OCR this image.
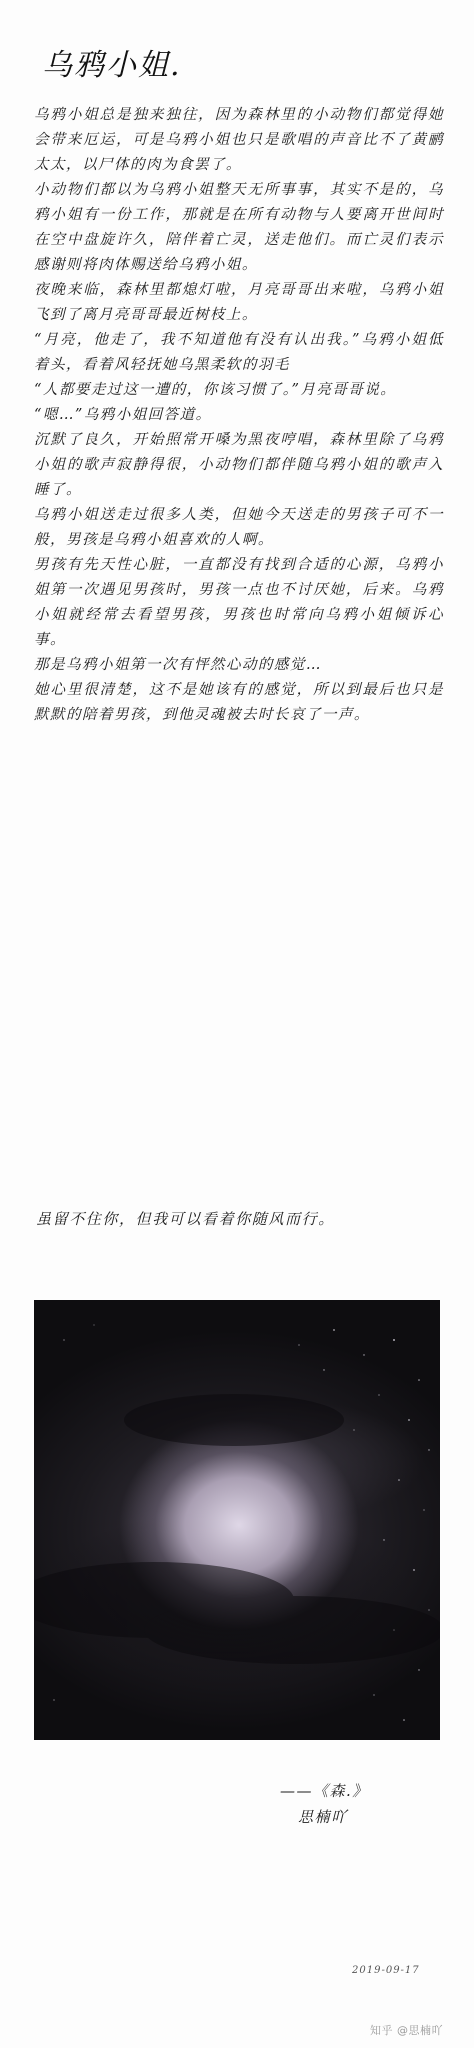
乌鸦小姐.

乌鸦小姐总是独来独往，因为森林里的小动物们都觉得她会带来厄运，可是乌鸦小姐也只是歌唱的声音比不了黄鹂太太，以尸体的肉为食罢了。

小动物们都以为乌鸦小姐整天无所事事，其实不是的，乌鸦小姐有一份工作，那就是在所有动物与人要离开世间时在空中盘旋许久，陪伴着亡灵，送走他们。而亡灵们表示感谢则将肉体赐送给乌鸦小姐。

夜晚来临，森林里都熄灯啦，月亮哥哥出来啦，乌鸦小姐飞到了离月亮哥哥最近树枝上。

“月亮，他走了，我不知道他有没有认出我。”乌鸦小姐低着头，看着风轻抚她乌黑柔软的羽毛

“人都要走过这一遭的，你该习惯了。”月亮哥哥说。

“嗯…”乌鸦小姐回答道。

沉默了良久，开始照常开嗓为黑夜哼唱，森林里除了乌鸦小姐的歌声寂静得很，小动物们都伴随乌鸦小姐的歌声入睡了。

乌鸦小姐送走过很多人类，但她今天送走的男孩子可不一般，男孩是乌鸦小姐喜欢的人啊。

男孩有先天性心脏，一直都没有找到合适的心源，乌鸦小姐第一次遇见男孩时，男孩一点也不讨厌她，后来。乌鸦小姐就经常去看望男孩，男孩也时常向乌鸦小姐倾诉心事。

那是乌鸦小姐第一次有怦然心动的感觉…

她心里很清楚，这不是她该有的感觉，所以到最后也只是默默的陪着男孩，到他灵魂被去时长哀了一声。

虽留不住你，但我可以看着你随风而行。
——《森.》
思楠吖
2019-09-17
知乎 @思楠吖
